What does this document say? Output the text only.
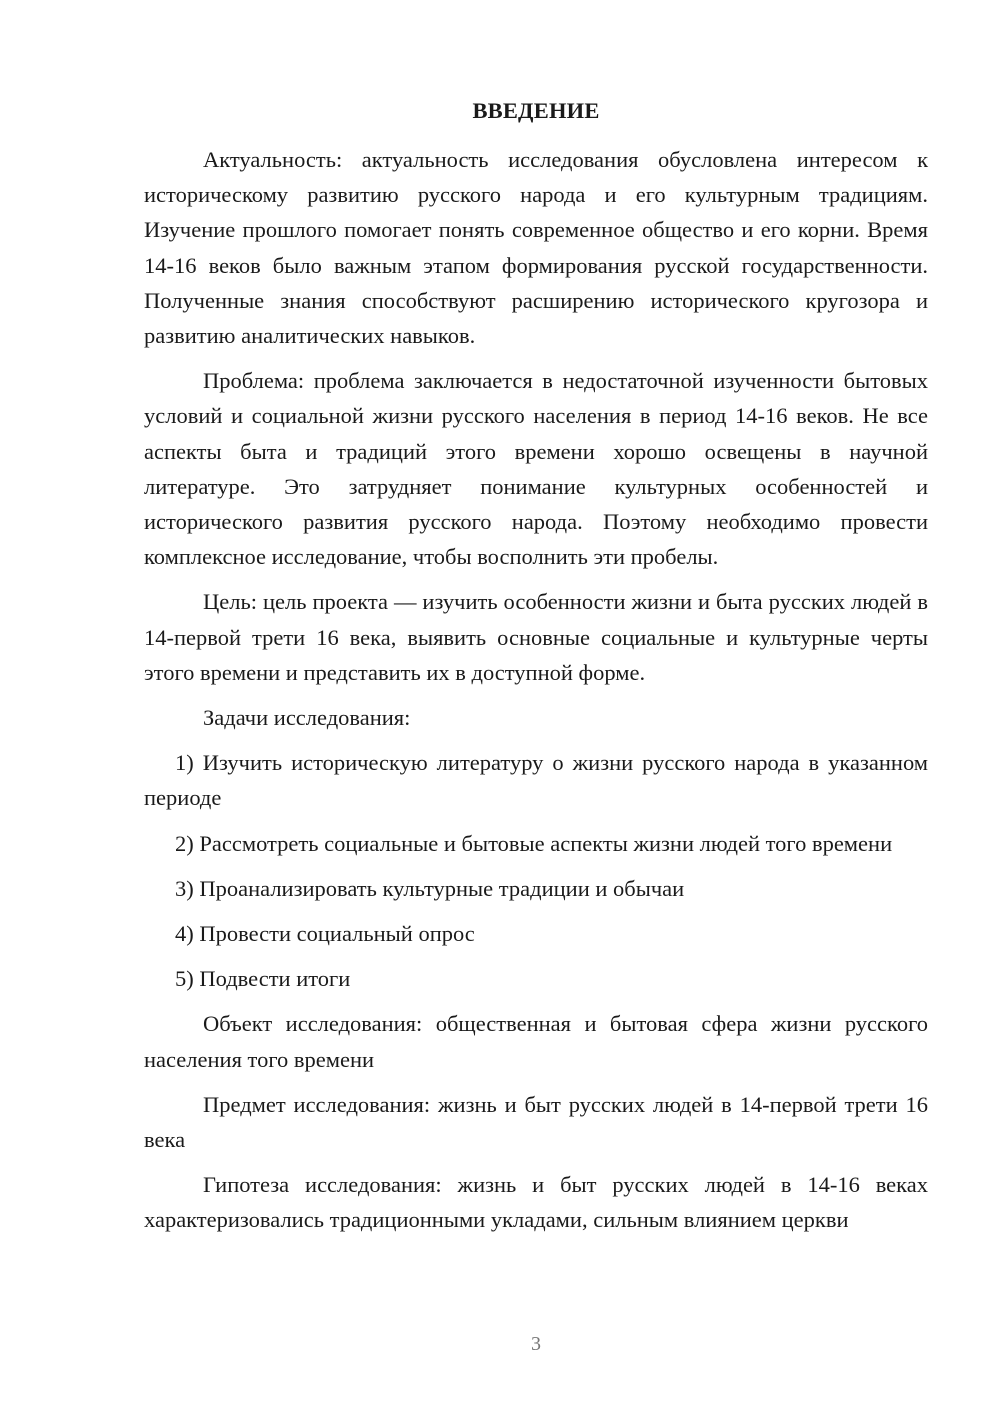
ВВЕДЕНИЕ

Актуальность: актуальность исследования обусловлена интересом к историческому развитию русского народа и его культурным традициям. Изучение прошлого помогает понять современное общество и его корни. Время 14-16 веков было важным этапом формирования русской государственности. Полученные знания способствуют расширению исторического кругозора и развитию аналитических навыков.

Проблема: проблема заключается в недостаточной изученности бытовых условий и социальной жизни русского населения в период 14-16 веков. Не все аспекты быта и традиций этого времени хорошо освещены в научной литературе. Это затрудняет понимание культурных особенностей и исторического развития русского народа. Поэтому необходимо провести комплексное исследование, чтобы восполнить эти пробелы.

Цель: цель проекта — изучить особенности жизни и быта русских людей в 14-первой трети 16 века, выявить основные социальные и культурные черты этого времени и представить их в доступной форме.

Задачи исследования:

1) Изучить историческую литературу о жизни русского народа в указанном периоде

2) Рассмотреть социальные и бытовые аспекты жизни людей того времени

3) Проанализировать культурные традиции и обычаи

4) Провести социальный опрос

5) Подвести итоги

Объект исследования: общественная и бытовая сфера жизни русского населения того времени

Предмет исследования: жизнь и быт русских людей в 14-первой трети 16 века

Гипотеза исследования: жизнь и быт русских людей в 14-16 веках характеризовались традиционными укладами, сильным влиянием церкви

3
